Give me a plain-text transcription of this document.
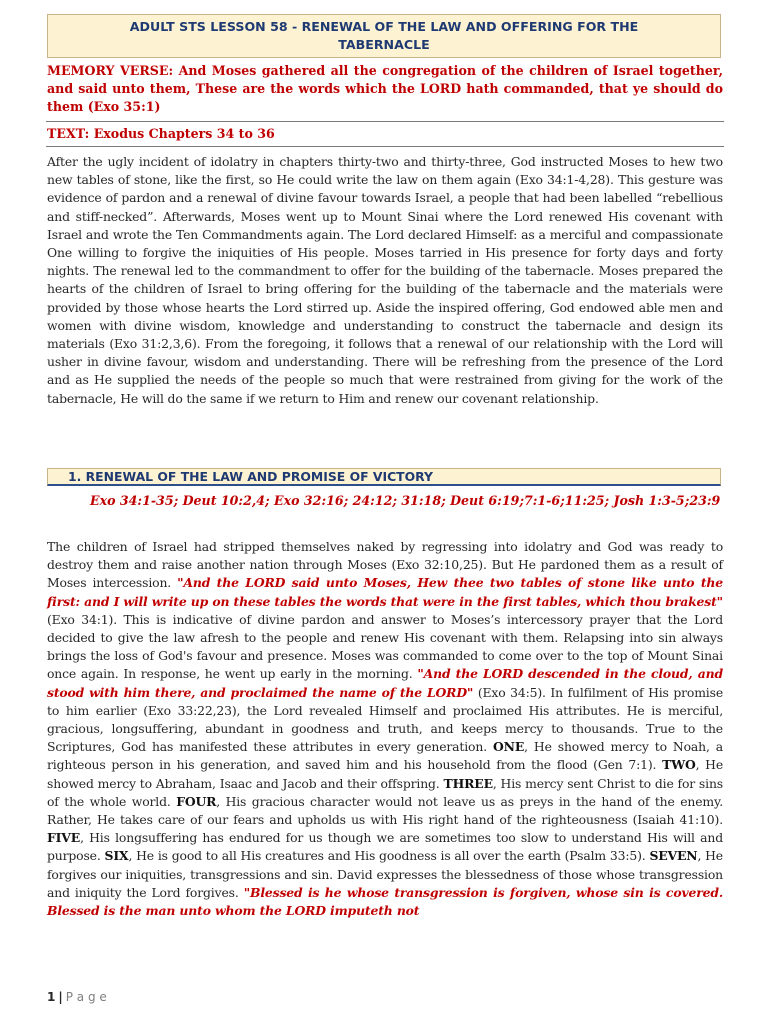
ADULT STS LESSON 58 - RENEWAL OF THE LAW AND OFFERING FOR THE
TABERNACLE
MEMORY VERSE: And Moses gathered all the congregation of the children of Israel together, and said unto them, These are the words which the LORD hath commanded, that ye should do them (Exo 35:1)
TEXT: Exodus Chapters 34 to 36
After the ugly incident of idolatry in chapters thirty-two and thirty-three, God instructed Moses to hew two new tables of stone, like the first, so He could write the law on them again (Exo 34:1-4,28). This gesture was evidence of pardon and a renewal of divine favour towards Israel, a people that had been labelled “rebellious and stiff-necked”. Afterwards, Moses went up to Mount Sinai where the Lord renewed His covenant with Israel and wrote the Ten Commandments again. The Lord declared Himself: as a merciful and compassionate One willing to forgive the iniquities of His people. Moses tarried in His presence for forty days and forty nights. The renewal led to the commandment to offer for the building of the tabernacle. Moses prepared the hearts of the children of Israel to bring offering for the building of the tabernacle and the materials were provided by those whose hearts the Lord stirred up. Aside the inspired offering, God endowed able men and women with divine wisdom, knowledge and understanding to construct the tabernacle and design its materials (Exo 31:2,3,6). From the foregoing, it follows that a renewal of our relationship with the Lord will usher in divine favour, wisdom and understanding. There will be refreshing from the presence of the Lord and as He supplied the needs of the people so much that were restrained from giving for the work of the tabernacle, He will do the same if we return to Him and renew our covenant relationship.
1. RENEWAL OF THE LAW AND PROMISE OF VICTORY
Exo 34:1-35; Deut 10:2,4; Exo 32:16; 24:12; 31:18; Deut 6:19;7:1-6;11:25; Josh 1:3-5;23:9
The children of Israel had stripped themselves naked by regressing into idolatry and God was ready to destroy them and raise another nation through Moses (Exo 32:10,25). But He pardoned them as a result of Moses intercession. "And the LORD said unto Moses, Hew thee two tables of stone like unto the first: and I will write up on these tables the words that were in the first tables, which thou brakest" (Exo 34:1). This is indicative of divine pardon and answer to Moses’s intercessory prayer that the Lord decided to give the law afresh to the people and renew His covenant with them. Relapsing into sin always brings the loss of God's favour and presence. Moses was commanded to come over to the top of Mount Sinai once again. In response, he went up early in the morning. "And the LORD descended in the cloud, and stood with him there, and proclaimed the name of the LORD" (Exo 34:5). In fulfilment of His promise to him earlier (Exo 33:22,23), the Lord revealed Himself and proclaimed His attributes. He is merciful, gracious, longsuffering, abundant in goodness and truth, and keeps mercy to thousands. True to the Scriptures, God has manifested these attributes in every generation. ONE, He showed mercy to Noah, a righteous person in his generation, and saved him and his household from the flood (Gen 7:1). TWO, He showed mercy to Abraham, Isaac and Jacob and their offspring. THREE, His mercy sent Christ to die for sins of the whole world. FOUR, His gracious character would not leave us as preys in the hand of the enemy. Rather, He takes care of our fears and upholds us with His right hand of the righteousness (Isaiah 41:10). FIVE, His longsuffering has endured for us though we are sometimes too slow to understand His will and purpose. SIX, He is good to all His creatures and His goodness is all over the earth (Psalm 33:5). SEVEN, He forgives our iniquities, transgressions and sin. David expresses the blessedness of those whose transgression and iniquity the Lord forgives. "Blessed is he whose transgression is forgiven, whose sin is covered. Blessed is the man unto whom the LORD imputeth not
1 | P a g e
